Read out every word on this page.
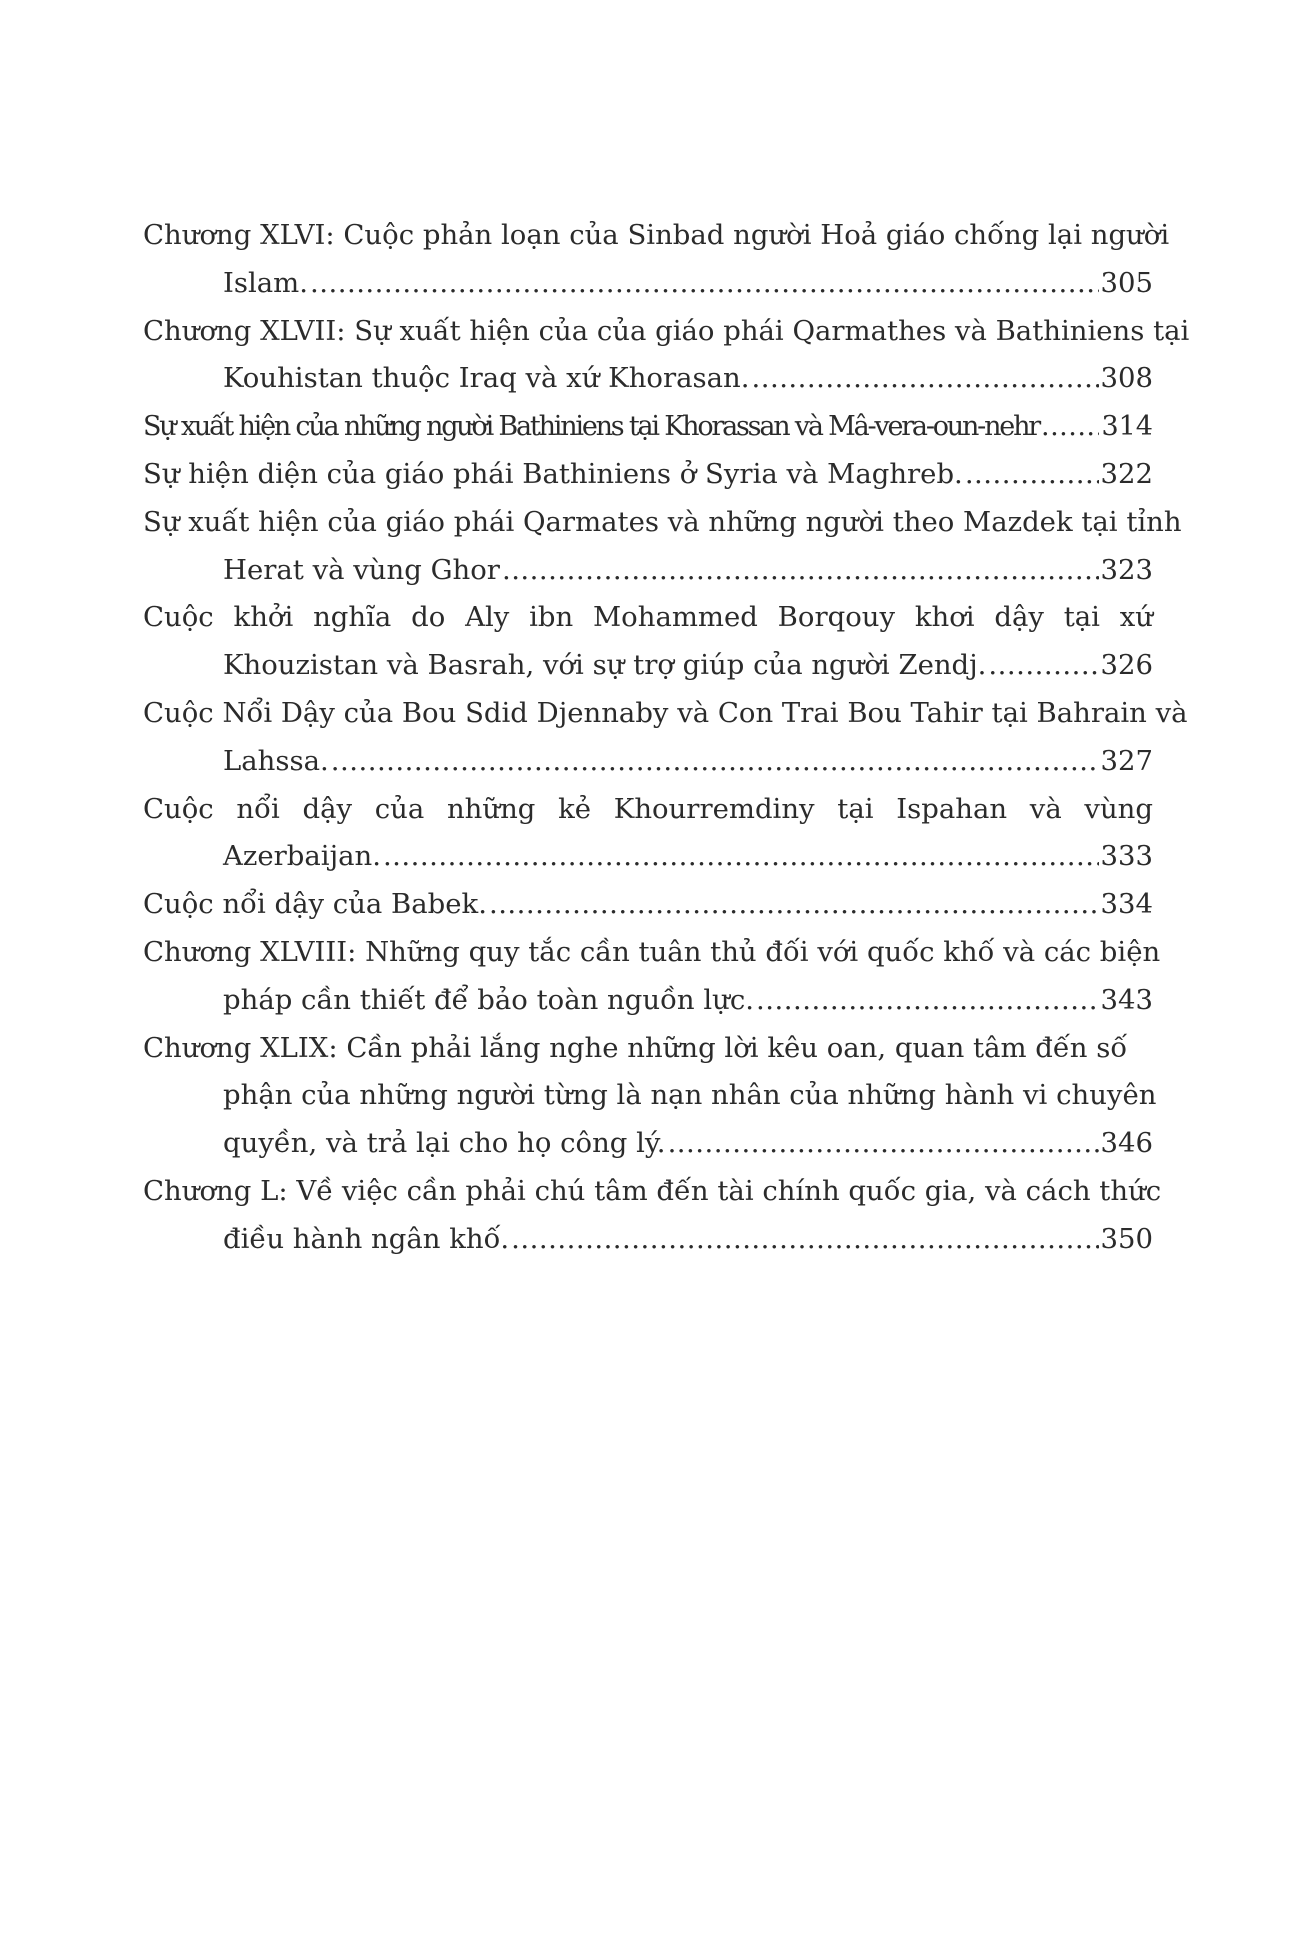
Chương XLVI: Cuộc phản loạn của Sinbad người Hoả giáo chống lại người
Islam. .....	305
Chương XLVII: Sự xuất hiện của của giáo phái Qarmathes và Bathiniens tại
Kouhistan thuộc Iraq và xứ Khorasan. .....	308
Sự xuất hiện của những người Bathiniens tại Khorassan và Mâ-vera-oun-nehr ..... 314
Sự hiện diện của giáo phái Bathiniens ở Syria và Maghreb. .....	322
Sự xuất hiện của giáo phái Qarmates và những người theo Mazdek tại tỉnh
Herat và vùng Ghor .....	323
Cuộc khởi nghĩa do Aly ibn Mohammed Borqouy khơi dậy tại xứ
Khouzistan và Basrah, với sự trợ giúp của người Zendj. .....	326
Cuộc Nổi Dậy của Bou Sdid Djennaby và Con Trai Bou Tahir tại Bahrain và
Lahssa. .....	327
Cuộc nổi dậy của những kẻ Khourremdiny tại Ispahan và vùng
Azerbaijan. .....	333
Cuộc nổi dậy của Babek. .....	334
Chương XLVIII: Những quy tắc cần tuân thủ đối với quốc khố và các biện
pháp cần thiết để bảo toàn nguồn lực. .....	343
Chương XLIX: Cần phải lắng nghe những lời kêu oan, quan tâm đến số
phận của những người từng là nạn nhân của những hành vi chuyên
quyền, và trả lại cho họ công lý. .....	346
Chương L: Về việc cần phải chú tâm đến tài chính quốc gia, và cách thức
điều hành ngân khố. .....	350
